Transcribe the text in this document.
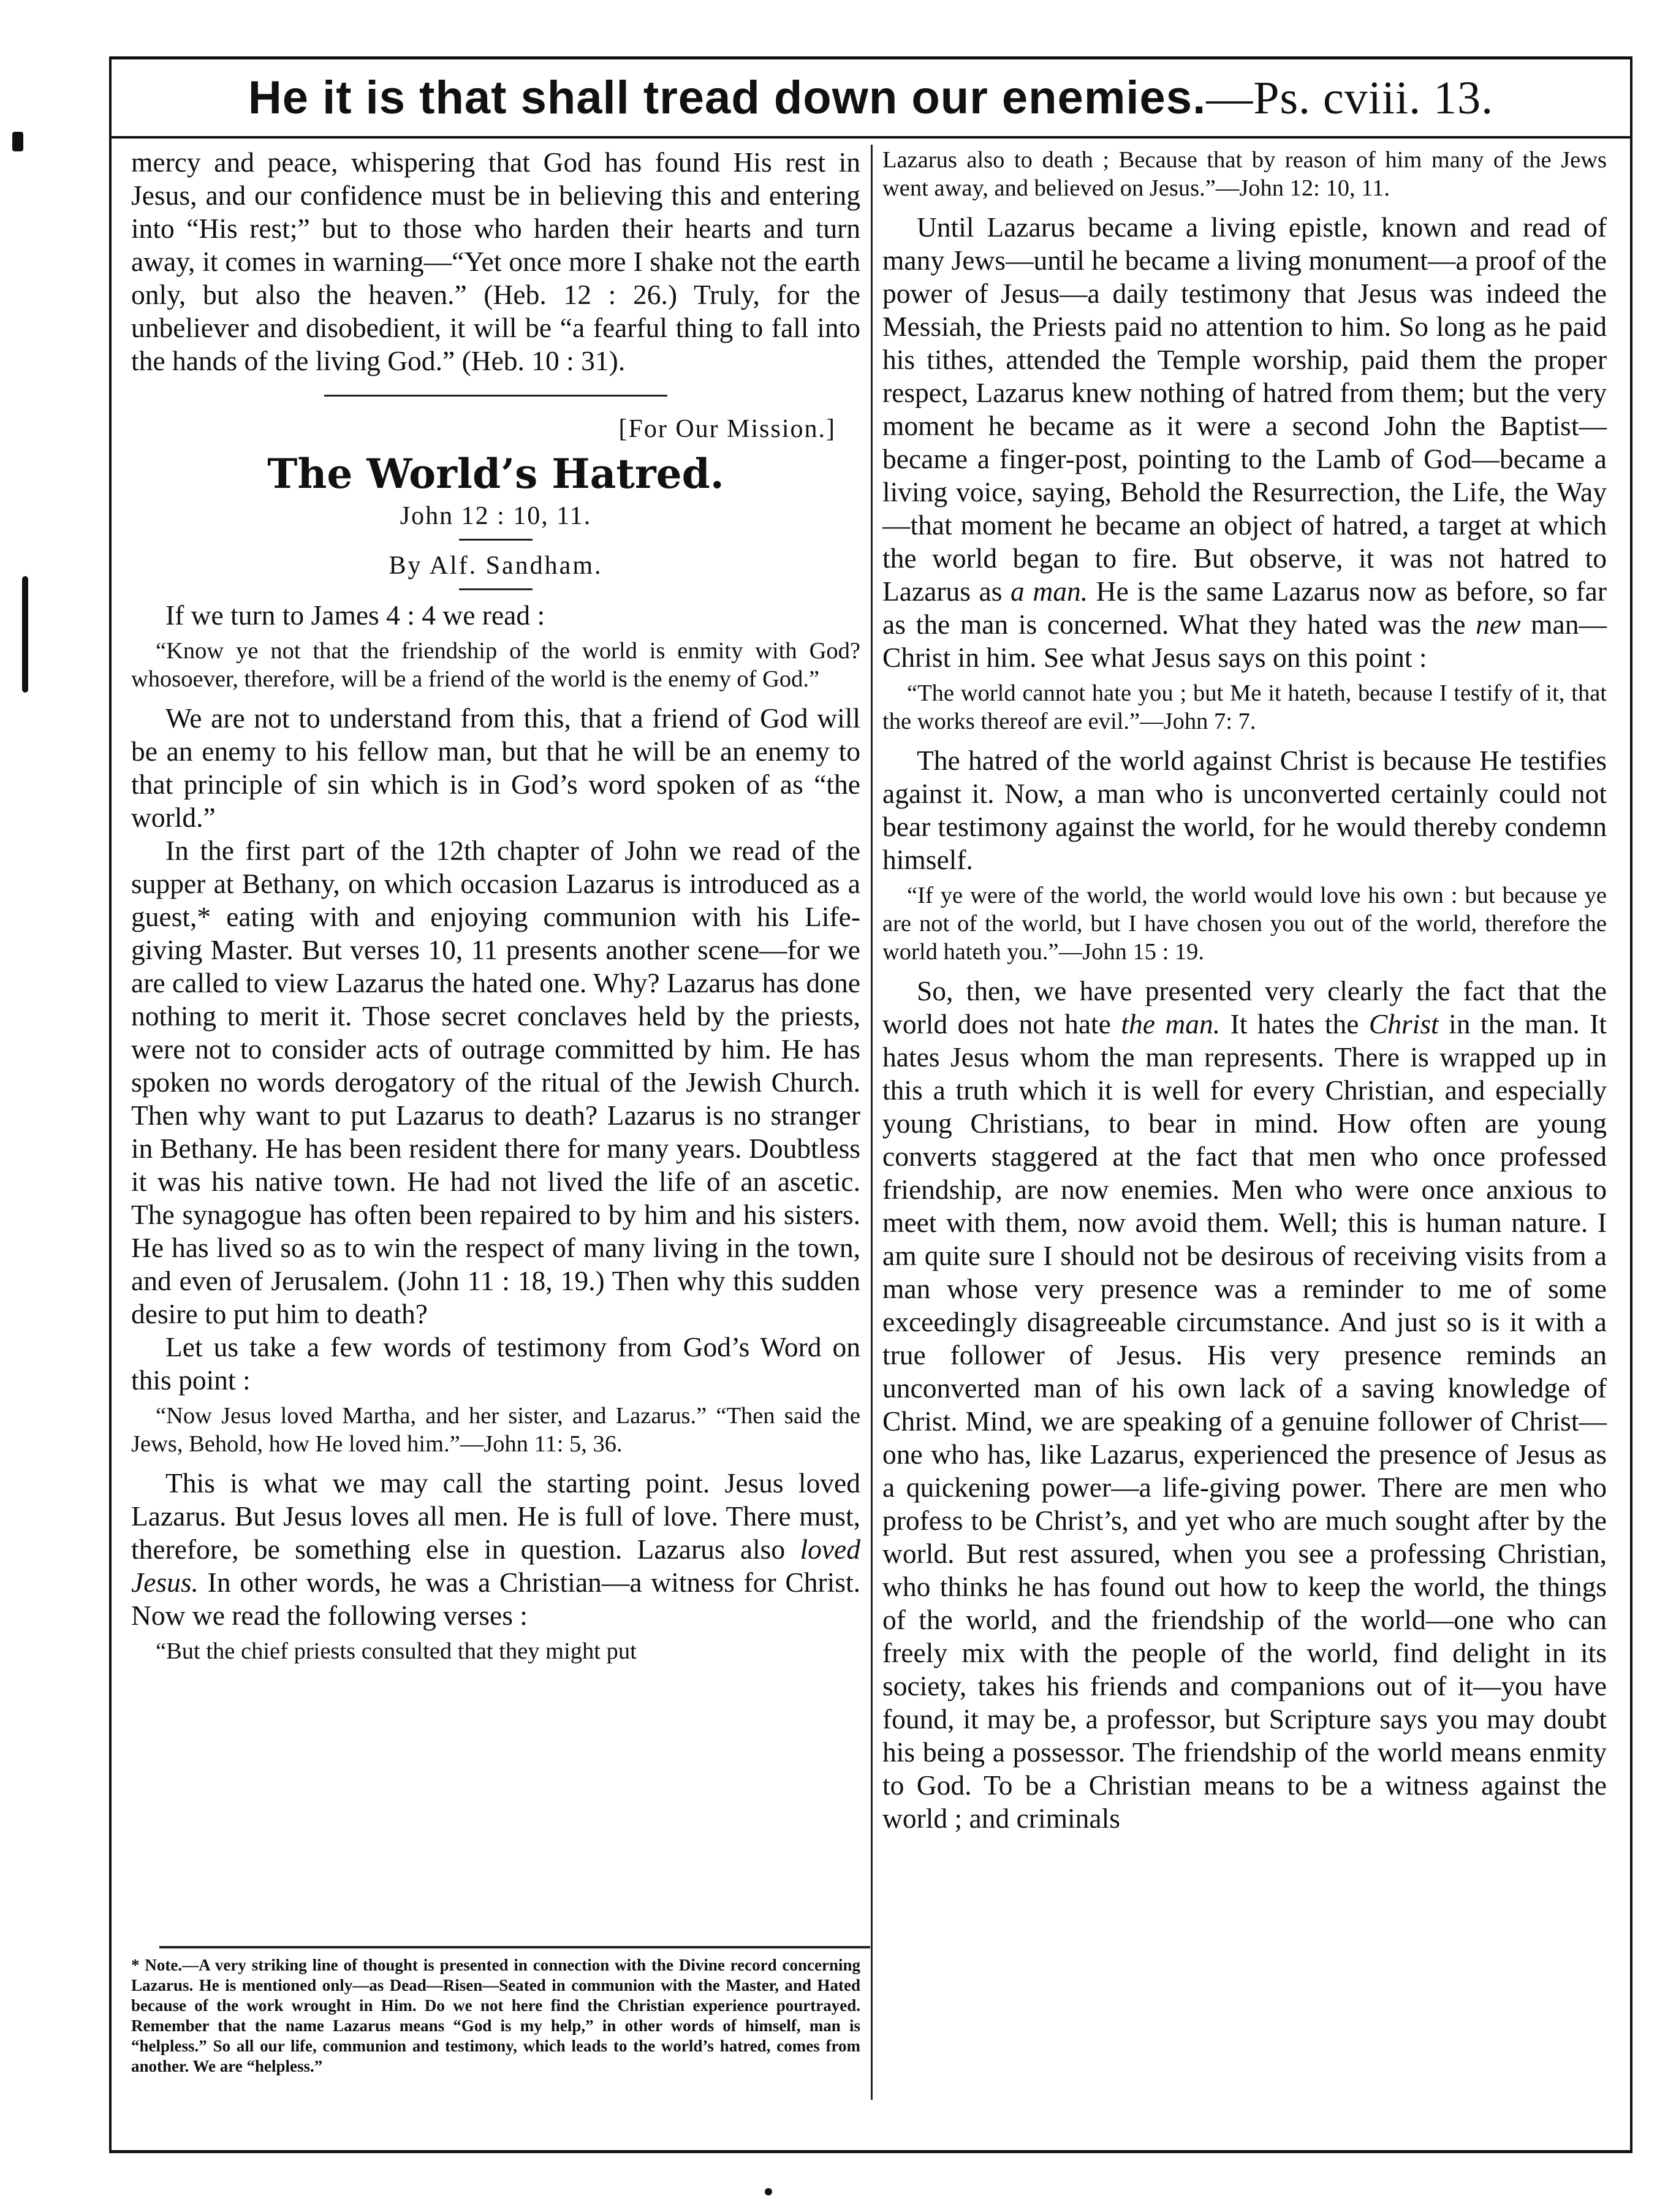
He it is that shall tread down our enemies.—Ps. cviii. 13.

mercy and peace, whispering that God has found His rest in Jesus, and our confidence must be in believing this and entering into “His rest;” but to those who harden their hearts and turn away, it comes in warning—“Yet once more I shake not the earth only, but also the heaven.” (Heb. 12 : 26.) Truly, for the unbeliever and disobedient, it will be “a fearful thing to fall into the hands of the living God.” (Heb. 10 : 31).

[For Our Mission.]

The World’s Hatred.

John 12 : 10, 11.

By Alf. Sandham.

If we turn to James 4 : 4 we read :

“Know ye not that the friendship of the world is enmity with God? whosoever, therefore, will be a friend of the world is the enemy of God.”

We are not to understand from this, that a friend of God will be an enemy to his fellow man, but that he will be an enemy to that principle of sin which is in God’s word spoken of as “the world.”

In the first part of the 12th chapter of John we read of the supper at Bethany, on which occasion Lazarus is introduced as a guest,* eating with and enjoying communion with his Life-giving Master. But verses 10, 11 presents another scene—for we are called to view Lazarus the hated one. Why? Lazarus has done nothing to merit it. Those secret conclaves held by the priests, were not to consider acts of outrage committed by him. He has spoken no words derogatory of the ritual of the Jewish Church. Then why want to put Lazarus to death? Lazarus is no stranger in Bethany. He has been resident there for many years. Doubtless it was his native town. He had not lived the life of an ascetic. The synagogue has often been repaired to by him and his sisters. He has lived so as to win the respect of many living in the town, and even of Jerusalem. (John 11 : 18, 19.) Then why this sudden desire to put him to death?

Let us take a few words of testimony from God’s Word on this point :

“Now Jesus loved Martha, and her sister, and Lazarus.” “Then said the Jews, Behold, how He loved him.”—John 11: 5, 36.

This is what we may call the starting point. Jesus loved Lazarus. But Jesus loves all men. He is full of love. There must, therefore, be something else in question. Lazarus also loved Jesus. In other words, he was a Christian—a witness for Christ. Now we read the following verses :

“But the chief priests consulted that they might put

* Note.—A very striking line of thought is presented in connection with the Divine record concerning Lazarus. He is mentioned only—as Dead—Risen—Seated in communion with the Master, and Hated because of the work wrought in Him. Do we not here find the Christian experience pourtrayed. Remember that the name Lazarus means “God is my help,” in other words of himself, man is “helpless.” So all our life, communion and testimony, which leads to the world’s hatred, comes from another. We are “helpless.”

Lazarus also to death ; Because that by reason of him many of the Jews went away, and believed on Jesus.”—John 12: 10, 11.

Until Lazarus became a living epistle, known and read of many Jews—until he became a living monument—a proof of the power of Jesus—a daily testimony that Jesus was indeed the Messiah, the Priests paid no attention to him. So long as he paid his tithes, attended the Temple worship, paid them the proper respect, Lazarus knew nothing of hatred from them; but the very moment he became as it were a second John the Baptist—became a finger-post, pointing to the Lamb of God—became a living voice, saying, Behold the Resurrection, the Life, the Way—that moment he became an object of hatred, a target at which the world began to fire. But observe, it was not hatred to Lazarus as a man. He is the same Lazarus now as before, so far as the man is concerned. What they hated was the new man—Christ in him. See what Jesus says on this point :

“The world cannot hate you ; but Me it hateth, because I testify of it, that the works thereof are evil.”—John 7: 7.

The hatred of the world against Christ is because He testifies against it. Now, a man who is unconverted certainly could not bear testimony against the world, for he would thereby condemn himself.

“If ye were of the world, the world would love his own : but because ye are not of the world, but I have chosen you out of the world, therefore the world hateth you.”—John 15 : 19.

So, then, we have presented very clearly the fact that the world does not hate the man. It hates the Christ in the man. It hates Jesus whom the man represents. There is wrapped up in this a truth which it is well for every Christian, and especially young Christians, to bear in mind. How often are young converts staggered at the fact that men who once professed friendship, are now enemies. Men who were once anxious to meet with them, now avoid them. Well; this is human nature. I am quite sure I should not be desirous of receiving visits from a man whose very presence was a reminder to me of some exceedingly disagreeable circumstance. And just so is it with a true follower of Jesus. His very presence reminds an unconverted man of his own lack of a saving knowledge of Christ. Mind, we are speaking of a genuine follower of Christ—one who has, like Lazarus, experienced the presence of Jesus as a quickening power—a life-giving power. There are men who profess to be Christ’s, and yet who are much sought after by the world. But rest assured, when you see a professing Christian, who thinks he has found out how to keep the world, the things of the world, and the friendship of the world—one who can freely mix with the people of the world, find delight in its society, takes his friends and companions out of it—you have found, it may be, a professor, but Scripture says you may doubt his being a possessor. The friendship of the world means enmity to God. To be a Christian means to be a witness against the world ; and criminals
